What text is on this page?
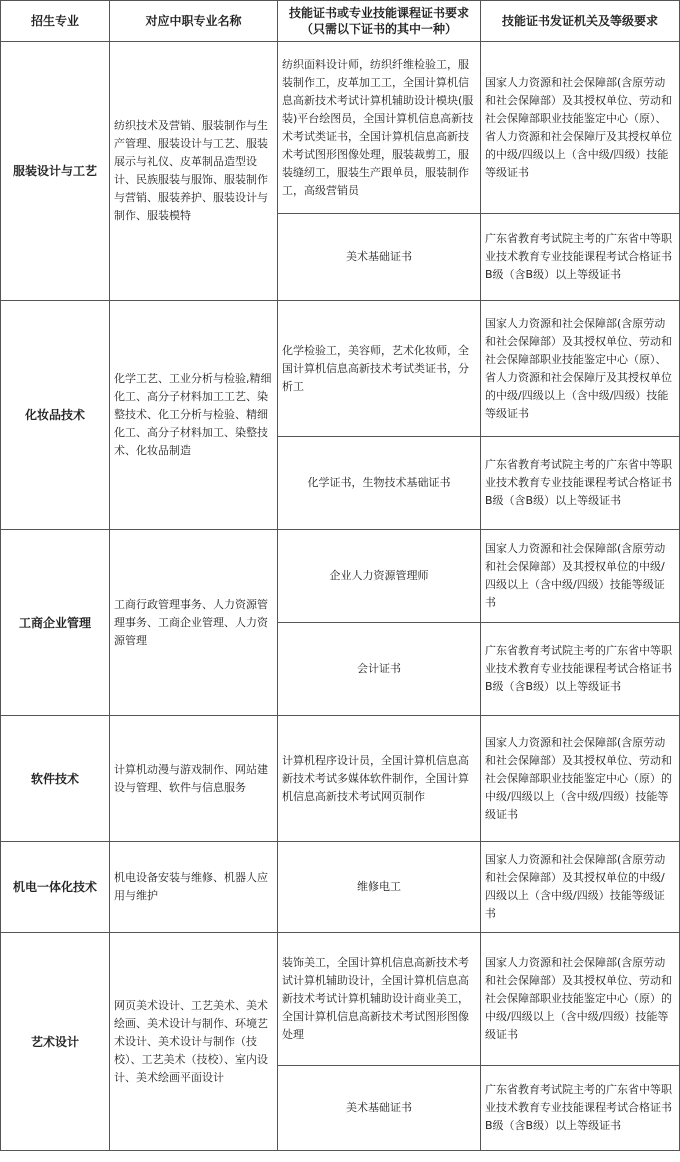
招生专业	对应中职专业名称	技能证书或专业技能课程证书要求（只需以下证书的其中一种）	技能证书发证机关及等级要求
服装设计与工艺	纺织技术及营销、服装制作与生产管理、服装设计与工艺、服装展示与礼仪、皮革制品造型设计、民族服装与服饰、服装制作与营销、服装养护、服装设计与制作、服装模特	纺织面料设计师，纺织纤维检验工，服装制作工，皮革加工工，全国计算机信息高新技术考试计算机辅助设计模块(服装)平台绘图员，全国计算机信息高新技术考试类证书，全国计算机信息高新技术考试图形图像处理，服装裁剪工，服装缝纫工，服装生产跟单员，服装制作工，高级营销员	国家人力资源和社会保障部(含原劳动和社会保障部）及其授权单位、劳动和社会保障部职业技能鉴定中心（原）、省人力资源和社会保障厅及其授权单位的中级/四级以上（含中级/四级）技能等级证书
		美术基础证书	广东省教育考试院主考的广东省中等职业技术教育专业技能课程考试合格证书B级（含B级）以上等级证书
化妆品技术	化学工艺、工业分析与检验,精细化工、高分子材料加工工艺、染整技术、化工分析与检验、精细化工、高分子材料加工、染整技术、化妆品制造	化学检验工，美容师，艺术化妆师，全国计算机信息高新技术考试类证书，分析工	国家人力资源和社会保障部(含原劳动和社会保障部）及其授权单位、劳动和社会保障部职业技能鉴定中心（原）、省人力资源和社会保障厅及其授权单位的中级/四级以上（含中级/四级）技能等级证书
		化学证书，生物技术基础证书	广东省教育考试院主考的广东省中等职业技术教育专业技能课程考试合格证书B级（含B级）以上等级证书
工商企业管理	工商行政管理事务、人力资源管理事务、工商企业管理、人力资源管理	企业人力资源管理师	国家人力资源和社会保障部(含原劳动和社会保障部）及其授权单位的中级/四级以上（含中级/四级）技能等级证书
		会计证书	广东省教育考试院主考的广东省中等职业技术教育专业技能课程考试合格证书B级（含B级）以上等级证书
软件技术	计算机动漫与游戏制作、网站建设与管理、软件与信息服务	计算机程序设计员，全国计算机信息高新技术考试多媒体软件制作，全国计算机信息高新技术考试网页制作	国家人力资源和社会保障部(含原劳动和社会保障部）及其授权单位、劳动和社会保障部职业技能鉴定中心（原）的中级/四级以上（含中级/四级）技能等级证书
机电一体化技术	机电设备安装与维修、机器人应用与维护	维修电工	国家人力资源和社会保障部(含原劳动和社会保障部）及其授权单位的中级/四级以上（含中级/四级）技能等级证书
艺术设计	网页美术设计、工艺美术、美术绘画、美术设计与制作、环境艺术设计、美术设计与制作（技校）、工艺美术（技校）、室内设计、美术绘画平面设计	装饰美工，全国计算机信息高新技术考试计算机辅助设计，全国计算机信息高新技术考试计算机辅助设计商业美工，全国计算机信息高新技术考试图形图像处理	国家人力资源和社会保障部(含原劳动和社会保障部）及其授权单位、劳动和社会保障部职业技能鉴定中心（原）的中级/四级以上（含中级/四级）技能等级证书
		美术基础证书	广东省教育考试院主考的广东省中等职业技术教育专业技能课程考试合格证书B级（含B级）以上等级证书
